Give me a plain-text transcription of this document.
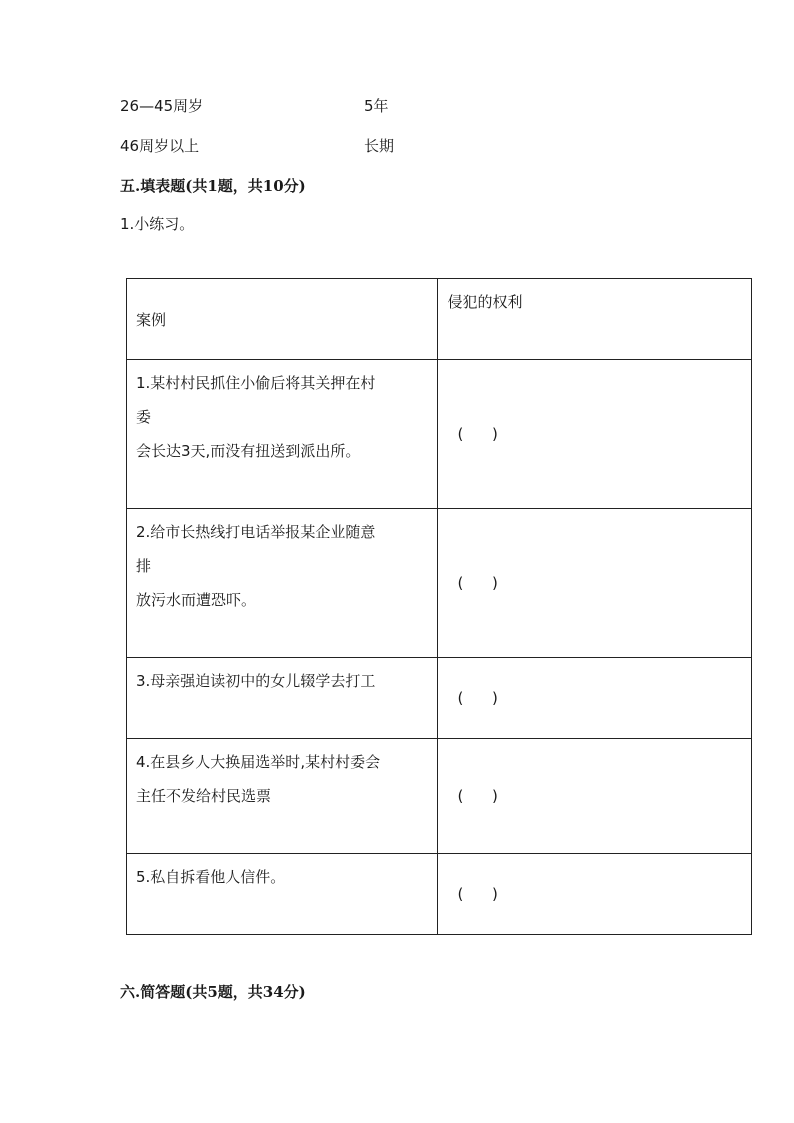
26—45周岁	5年
46周岁以上	长期
五.填表题(共1题，共10分)
1.小练习。
案例	侵犯的权利

1.某村村民抓住小偷后将其关押在村
委
会长达3天,而没有扭送到派出所。	(      )

2.给市长热线打电话举报某企业随意
排
放污水而遭恐吓。	(      )

3.母亲强迫读初中的女儿辍学去打工	(      )

4.在县乡人大换届选举时,某村村委会
主任不发给村民选票	(      )

5.私自拆看他人信件。	(      )
六.简答题(共5题，共34分)
